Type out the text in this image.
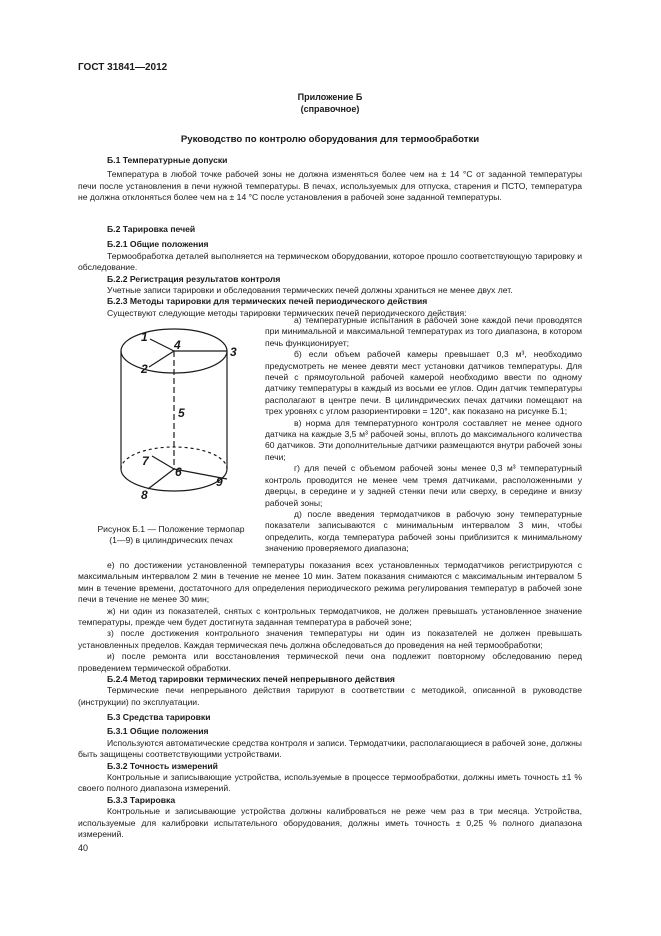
ГОСТ 31841—2012
Приложение Б
(справочное)
Руководство по контролю оборудования для термообработки
Б.1 Температурные допуски

Температура в любой точке рабочей зоны не должна изменяться более чем на ± 14 °С от заданной температуры печи после установления в печи нужной температуры. В печах, используемых для отпуска, старения и ПСТО, температура не должна отклоняться более чем на ± 14 °С после установления в рабочей зоне заданной температуры.

Б.2 Тарировка печей
Б.2.1 Общие положения

Термообработка деталей выполняется на термическом оборудовании, которое прошло соответствующую тарировку и обследование.

Б.2.2 Регистрация результатов контроля

Учетные записи тарировки и обследования термических печей должны храниться не менее двух лет.

Б.2.3 Методы тарировки для термических печей периодического действия

Существуют следующие методы тарировки термических печей периодического действия:

1
2
3
4
5
6
7
8
9
Рисунок Б.1 — Положение термопар
(1—9) в цилиндрических печах

а) температурные испытания в рабочей зоне каждой печи проводятся при минимальной и максимальной температурах из того диапазона, в котором печь функционирует;

б) если объем рабочей камеры превышает 0,3 м³, необходимо предусмотреть не менее девяти мест установки датчиков температуры. Для печей с прямоугольной рабочей камерой необходимо ввести по одному датчику температуры в каждый из восьми ее углов. Один датчик температуры располагают в центре печи. В цилиндрических печах датчики помещают на трех уровнях с углом разориентировки = 120°, как показано на рисунке Б.1;

в) норма для температурного контроля составляет не менее одного датчика на каждые 3,5 м³ рабочей зоны, вплоть до максимального количества 60 датчиков. Эти дополнительные датчики размещаются внутри рабочей зоны печи;

г) для печей с объемом рабочей зоны менее 0,3 м³ температурный контроль проводится не менее чем тремя датчиками, расположенными у дверцы, в середине и у задней стенки печи или сверху, в середине и внизу рабочей зоны;

д) после введения термодатчиков в рабочую зону температурные показатели записываются с минимальным интервалом 3 мин, чтобы определить, когда температура рабочей зоны приблизится к минимальному значению проверяемого диапазона;

е) по достижении установленной температуры показания всех установленных термодатчиков регистрируются с максимальным интервалом 2 мин в течение не менее 10 мин. Затем показания снимаются с максимальным интервалом 5 мин в течение времени, достаточного для определения периодического режима регулирования температур в рабочей зоне печи в течение не менее 30 мин;

ж) ни один из показателей, снятых с контрольных термодатчиков, не должен превышать установленное значение температуры, прежде чем будет достигнута заданная температура в рабочей зоне;

з) после достижения контрольного значения температуры ни один из показателей не должен превышать установленных пределов. Каждая термическая печь должна обследоваться до проведения на ней термообработки;

и) после ремонта или восстановления термической печи она подлежит повторному обследованию перед проведением термической обработки.

Б.2.4 Метод тарировки термических печей непрерывного действия

Термические печи непрерывного действия тарируют в соответствии с методикой, описанной в руководстве (инструкции) по эксплуатации.

Б.3 Средства тарировки
Б.3.1 Общие положения

Используются автоматические средства контроля и записи. Термодатчики, располагающиеся в рабочей зоне, должны быть защищены соответствующими устройствами.

Б.3.2 Точность измерений

Контрольные и записывающие устройства, используемые в процессе термообработки, должны иметь точность ±1 % своего полного диапазона измерений.

Б.3.3 Тарировка

Контрольные и записывающие устройства должны калиброваться не реже чем раз в три месяца. Устройства, используемые для калибровки испытательного оборудования, должны иметь точность ± 0,25 % полного диапазона измерений.

40
